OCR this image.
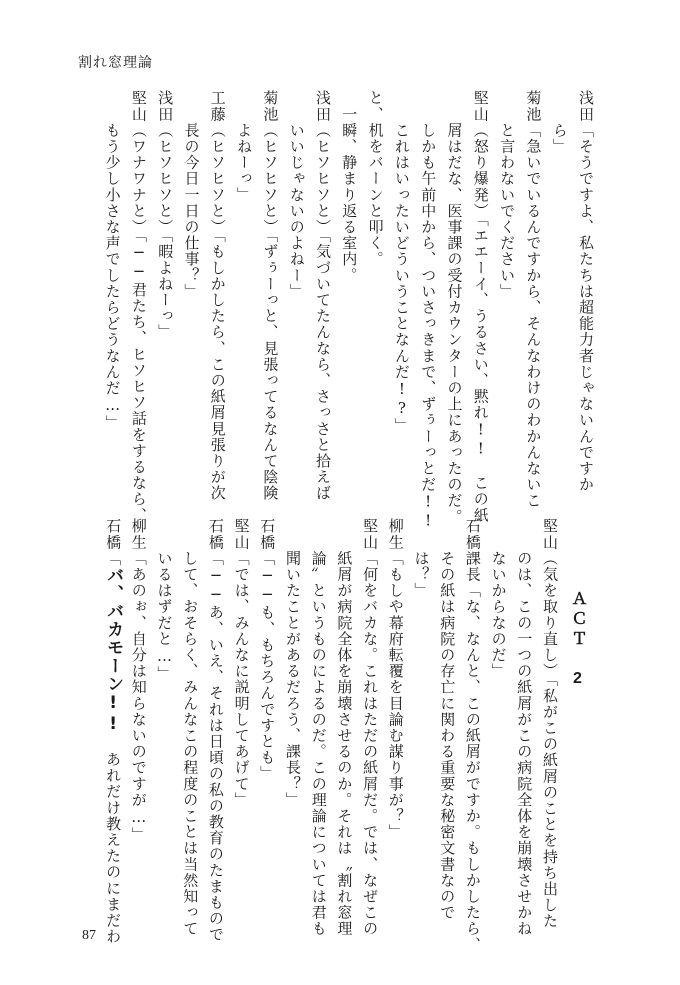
割れ窓理論
浅田「そうですよ、私たちは超能力者じゃないんですか
　　ら」
菊池「急いでいるんですから、そんなわけのわかんないこ
　　と言わないでください」
堅山（怒り爆発）「エエーイ、うるさい、黙れ!!　この紙
　　屑はだな、医事課の受付カウンターの上にあったのだ。
　　しかも午前中から、ついさっきまで、ずぅーっとだ!!
　　これはいったいどういうことなんだ!?」
と、机をバーンと叩く。
　一瞬、静まり返る室内。
浅田（ヒソヒソと）「気づいてたんなら、さっさと拾えば
　　いいじゃないのよねー」
菊池（ヒソヒソと）「ずぅーっと、見張ってるなんて陰険
　　よねーっ」
工藤（ヒソヒソと）「もしかしたら、この紙屑見張りが次
　　長の今日一日の仕事？」
浅田（ヒソヒソと）「暇よねーっ」
堅山（ワナワナと）「──君たち、ヒソヒソ話をするなら、
　　もう少し小さな声でしたらどうなんだ…」
堅山（気を取り直し）「私がこの紙屑のことを持ち出した
　　のは、この一つの紙屑がこの病院全体を崩壊させかね
　　ないからなのだ」
石橋課長「な、なんと、この紙屑がですか。もしかしたら、
　　その紙は病院の存亡に関わる重要な秘密文書なので
　　は？」
柳生「もしや幕府転覆を目論む謀り事が？」
堅山「何をバカな。これはただの紙屑だ。では、なぜこの
　　紙屑が病院全体を崩壊させるのか。それは〝割れ窓理
　　論〟というものによるのだ。この理論については君も
　　聞いたことがあるだろう、課長？」
石橋「──も、もちろんですとも」
堅山「では、みんなに説明してあげて」
石橋「──あ、いえ、それは日頃の私の教育のたまもので
　　して、おそらく、みんなこの程度のことは当然知って
　　いるはずだと…」
柳生「あのぉ、自分は知らないのですが…」
石橋「バ、バカモーン!!　あれだけ教えたのにまだわ
ＡＣＴ　2
87
